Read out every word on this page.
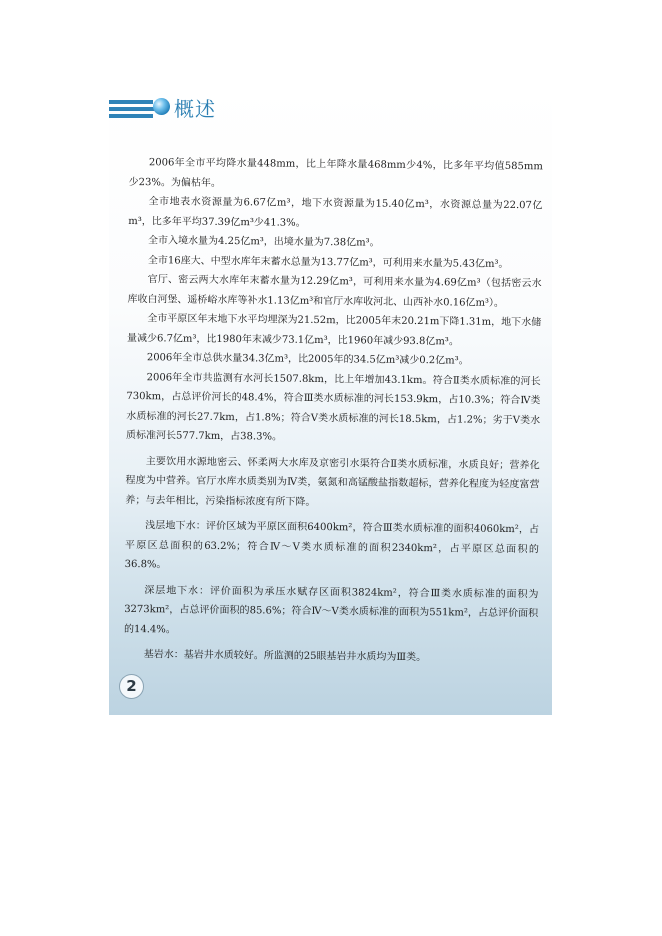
概述

2006年全市平均降水量448mm，比上年降水量468mm少4%，比多年平均值585mm少23%。为偏枯年。

全市地表水资源量为6.67亿m³，地下水资源量为15.40亿m³，水资源总量为22.07亿m³，比多年平均37.39亿m³少41.3%。

全市入境水量为4.25亿m³，出境水量为7.38亿m³。

全市16座大、中型水库年末蓄水总量为13.77亿m³，可利用来水量为5.43亿m³。

官厅、密云两大水库年末蓄水量为12.29亿m³，可利用来水量为4.69亿m³（包括密云水库收白河堡、遥桥峪水库等补水1.13亿m³和官厅水库收河北、山西补水0.16亿m³）。

全市平原区年末地下水平均埋深为21.52m，比2005年末20.21m下降1.31m，地下水储量减少6.7亿m³，比1980年末减少73.1亿m³，比1960年减少93.8亿m³。

2006年全市总供水量34.3亿m³，比2005年的34.5亿m³减少0.2亿m³。

2006年全市共监测有水河长1507.8km，比上年增加43.1km。符合Ⅱ类水质标准的河长730km，占总评价河长的48.4%，符合Ⅲ类水质标准的河长153.9km，占10.3%；符合Ⅳ类水质标准的河长27.7km，占1.8%；符合Ⅴ类水质标准的河长18.5km，占1.2%；劣于Ⅴ类水质标准河长577.7km，占38.3%。

主要饮用水源地密云、怀柔两大水库及京密引水渠符合Ⅱ类水质标准，水质良好；营养化程度为中营养。官厅水库水质类别为Ⅳ类，氨氮和高锰酸盐指数超标，营养化程度为轻度富营养；与去年相比，污染指标浓度有所下降。

浅层地下水：评价区域为平原区面积6400km²，符合Ⅲ类水质标准的面积4060km²，占平原区总面积的63.2%；符合Ⅳ～Ⅴ类水质标准的面积2340km²，占平原区总面积的36.8%。

深层地下水：评价面积为承压水赋存区面积3824km²，符合Ⅲ类水质标准的面积为3273km²，占总评价面积的85.6%；符合Ⅳ～Ⅴ类水质标准的面积为551km²，占总评价面积的14.4%。

基岩水：基岩井水质较好。所监测的25眼基岩井水质均为Ⅲ类。

2
